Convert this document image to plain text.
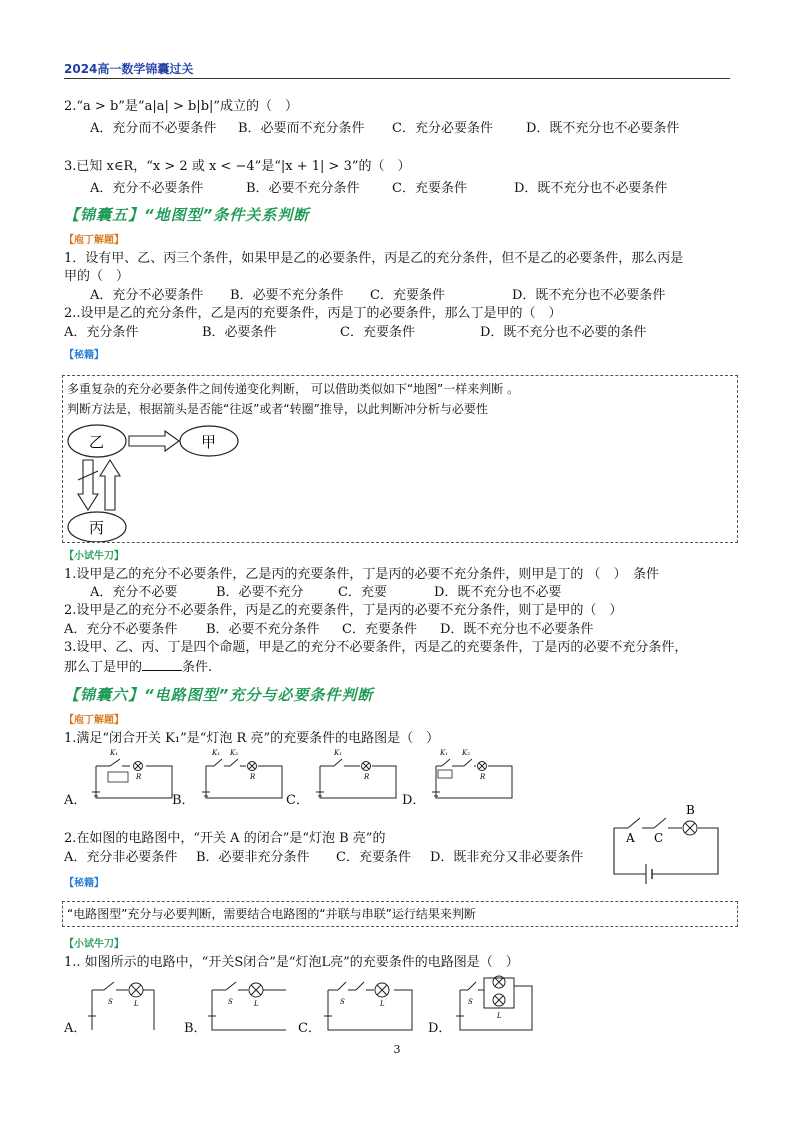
2024高一数学锦囊过关
2.“a > b”是“a|a| > b|b|”成立的（　）
A．充分而不必要条件	B．必要而不充分条件	C．充分必要条件	D．既不充分也不必要条件
3.已知 x∈R，“x > 2 或 x < −4”是“|x + 1| > 3”的（　）
A．充分不必要条件	B．必要不充分条件	C．充要条件	D．既不充分也不必要条件
【锦囊五】“地图型”条件关系判断
【庖丁解题】
1．设有甲、乙、丙三个条件，如果甲是乙的必要条件，丙是乙的充分条件，但不是乙的必要条件，那么丙是
甲的（　）
A．充分不必要条件	B．必要不充分条件	C．充要条件	D．既不充分也不必要条件
2..设甲是乙的充分条件，乙是丙的充要条件，丙是丁的必要条件，那么丁是甲的（　）
A．充分条件	B．必要条件	C．充要条件	D．既不充分也不必要的条件
【秘籍】
多重复杂的充分必要条件之间传递变化判断， 可以借助类似如下“地图”一样来判断 。
判断方法是，根据箭头是否能“往返”或者“转圈”推导，以此判断冲分析与必要性
乙	甲
丙
【小试牛刀】
1.设甲是乙的充分不必要条件，乙是丙的充要条件，丁是丙的必要不充分条件，则甲是丁的 （　）　条件
A．充分不必要	B．必要不充分	C．充要	D．既不充分也不必要
2.设甲是乙的充分不必要条件，丙是乙的充要条件，丁是丙的必要不充分条件，则丁是甲的（　）
A．充分不必要条件	B．必要不充分条件	C．充要条件	D．既不充分也不必要条件
3.设甲、乙、丙、丁是四个命题，甲是乙的充分不必要条件，丙是乙的充要条件，丁是丙的必要不充分条件，
那么丁是甲的	条件.
【锦囊六】“电路图型”充分与必要条件判断
【庖丁解题】
1.满足“闭合开关 K₁”是“灯泡 R 亮”的充要条件的电路图是（　）
A．
K₁
R
B．
K₁ K₂
R
C．
K₁
R
D．
K₁ K₂
R
2.在如图的电路图中，“开关 A 的闭合”是“灯泡 B 亮”的
A．充分非必要条件	B．必要非充分条件	C．充要条件	D．既非充分又非必要条件
A C
B
【秘籍】
“电路图型”充分与必要判断，需要结合电路图的“并联与串联”运行结果来判断
【小试牛刀】
1.. 如图所示的电路中，“开关S闭合”是“灯泡L亮”的充要条件的电路图是（　）
A．
S	L
B．
S	L
C．
S	L
D．
S
L
3
